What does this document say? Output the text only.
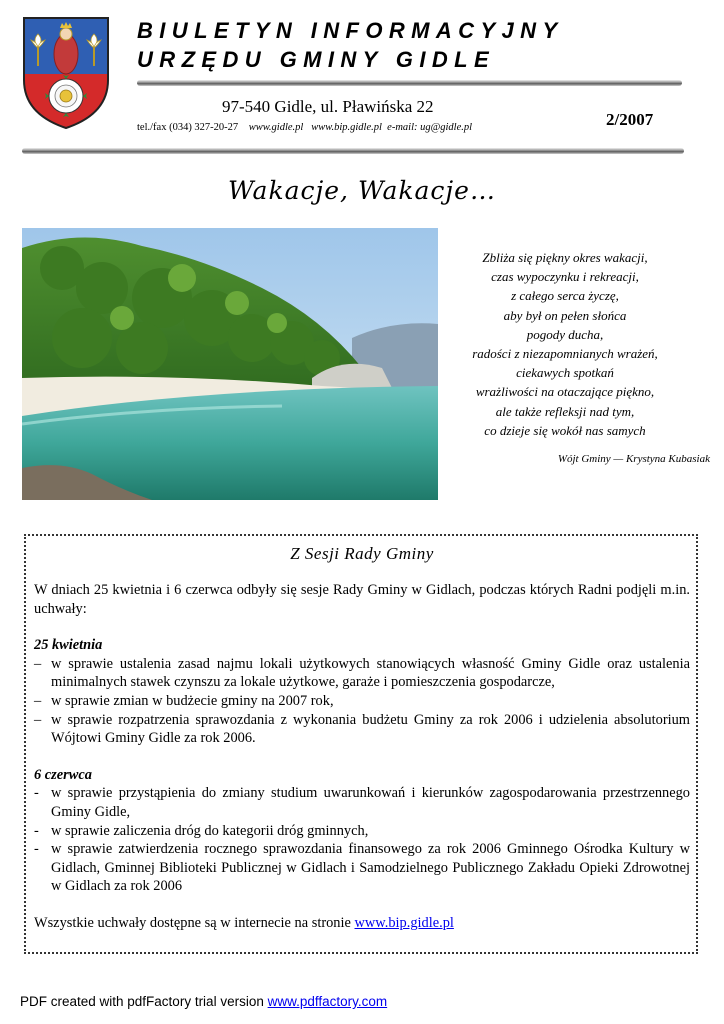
BIULETYN INFORMACYJNY
URZĘDU GMINY GIDLE
97-540 Gidle, ul. Pławińska 22
tel./fax (034) 327-20-27 www.gidle.pl www.bip.gidle.pl e-mail: ug@gidle.pl	2/2007
Wakacje, Wakacje…
Zbliża się piękny okres wakacji,
czas wypoczynku i rekreacji,
z całego serca życzę,
aby był on pełen słońca
pogody ducha,
radości z niezapomnianych wrażeń,
ciekawych spotkań
wrażliwości na otaczające piękno,
ale także refleksji nad tym,
co dzieje się wokół nas samych
Wójt Gminy — Krystyna Kubasiak
Z Sesji Rady Gminy

W dniach 25 kwietnia i 6 czerwca odbyły się sesje Rady Gminy w Gidlach, podczas których Radni podjęli m.in. uchwały:

25 kwietnia

– w sprawie ustalenia zasad najmu lokali użytkowych stanowiących własność Gminy Gidle oraz ustalenia minimalnych stawek czynszu za lokale użytkowe, garaże i pomieszczenia gospodarcze,
– w sprawie zmian w budżecie gminy na 2007 rok,
– w sprawie rozpatrzenia sprawozdania z wykonania budżetu Gminy za rok 2006 i udzielenia absolutorium Wójtowi Gminy Gidle za rok 2006.

6 czerwca

- w sprawie przystąpienia do zmiany studium uwarunkowań i kierunków zagospodarowania przestrzennego Gminy Gidle,
- w sprawie zaliczenia dróg do kategorii dróg gminnych,
- w sprawie zatwierdzenia rocznego sprawozdania finansowego za rok 2006 Gminnego Ośrodka Kultury w Gidlach, Gminnej Biblioteki Publicznej w Gidlach i Samodzielnego Publicznego Zakładu Opieki Zdrowotnej w Gidlach za rok 2006

Wszystkie uchwały dostępne są w internecie na stronie www.bip.gidle.pl

PDF created with pdfFactory trial version www.pdffactory.com
